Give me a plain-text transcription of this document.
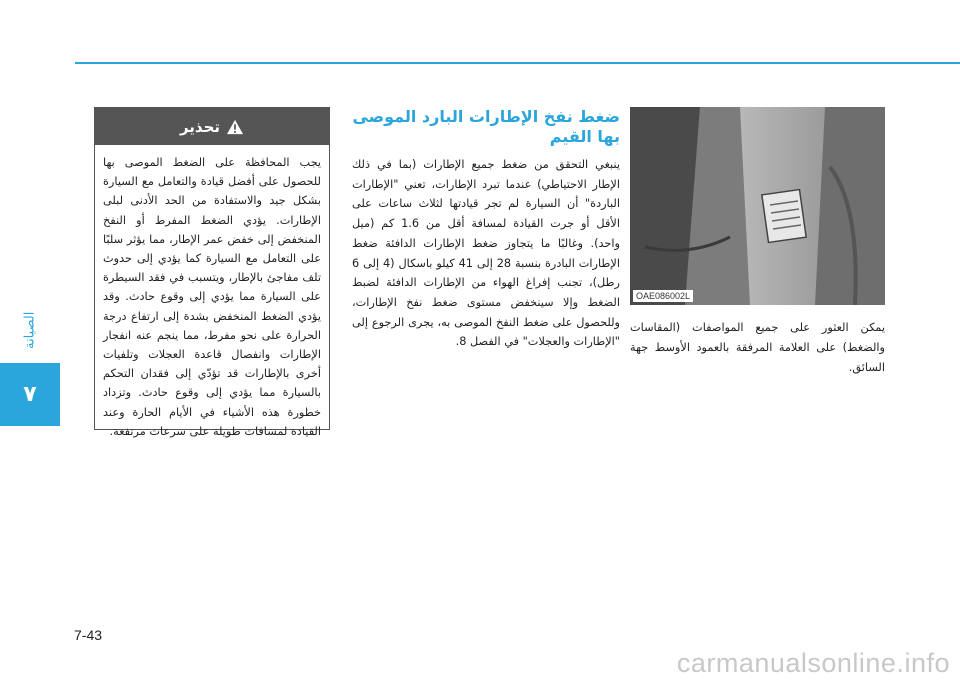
الصيانة
٧
تحذير
يجب المحافظة على الضغط الموصى بها للحصول على أفضل قيادة والتعامل مع السيارة بشكل جيد والاستفادة من الحد الأدنى لبلى الإطارات. يؤدي الضغط المفرط أو النفخ المنخفض إلى خفض عمر الإطار، مما يؤثر سلبًا على التعامل مع السيارة كما يؤدي إلى حدوث تلف مفاجئ بالإطار، ويتسبب في فقد السيطرة على السيارة مما يؤدي إلى وقوع حادث. وقد يؤدي الضغط المنخفض بشدة إلى ارتفاع درجة الحرارة على نحو مفرط، مما ينجم عنه انفجار الإطارات وانفصال قاعدة العجلات وتلفيات أخرى بالإطارات قد تؤدّي إلى فقدان التحكم بالسيارة مما يؤدي إلى وقوع حادث. وتزداد خطورة هذه الأشياء في الأيام الحارة وعند القيادة لمسافات طويلة على سرعات مرتفعة.
ضغط نفخ الإطارات البارد الموصى بها القيم
ينبغي التحقق من ضغط جميع الإطارات (بما في ذلك الإطار الاحتياطي) عندما تبرد الإطارات، تعني "الإطارات الباردة" أن السيارة لم تجر قيادتها لثلاث ساعات على الأقل أو جرت القيادة لمسافة أقل من 1.6 كم (ميل واحد). وغالبًا ما يتجاوز ضغط الإطارات الدافئة ضغط الإطارات البادرة بنسبة 28 إلى 41 كيلو باسكال (4 إلى 6 رطل)، تجنب إفراغ الهواء من الإطارات الدافئة لضبط الضغط وإلا سينخفض مستوى ضغط نفخ الإطارات، وللحصول على ضغط النفخ الموصى به، يجرى الرجوع إلى "الإطارات والعجلات" في الفصل 8.
OAE086002L
يمكن العثور على جميع المواصفات (المقاسات والضغط) على العلامة المرفقة بالعمود الأوسط جهة السائق.
7-43
carmanualsonline.info
